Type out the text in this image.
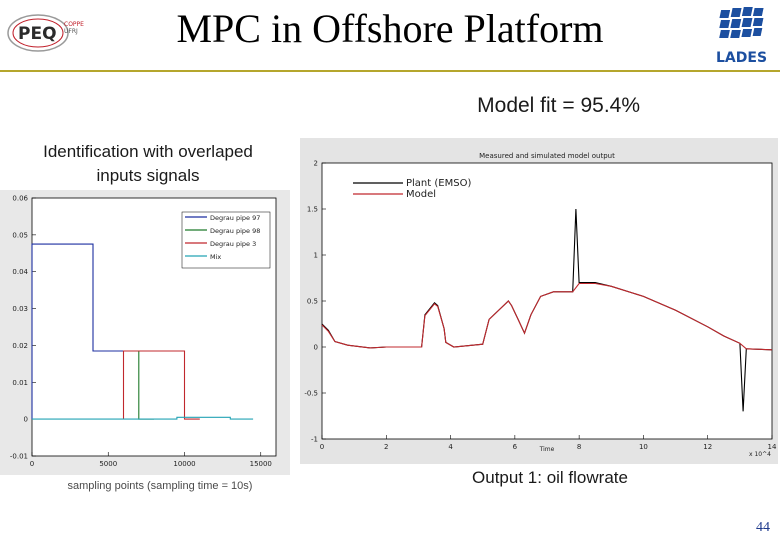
PEQ COPPE
UFRJ	MPC in Offshore Platform
LADES
Model fit = 95.4%
Identification with overlaped
inputs signals
0	5000	10000	15000
-0.01
0
0.01
0.02
0.03
0.04
0.05
0.06
Degrau pipe 97
Degrau pipe 98
Degrau pipe 3
Mix
Measured and simulated model output
Time
x 10^4
0	2	4	6	8	10	12	14
-1
-0.5
0
0.5
1
1.5
2
Plant (EMSO)
Model
sampling points (sampling time = 10s)	Output 1: oil flowrate
44
